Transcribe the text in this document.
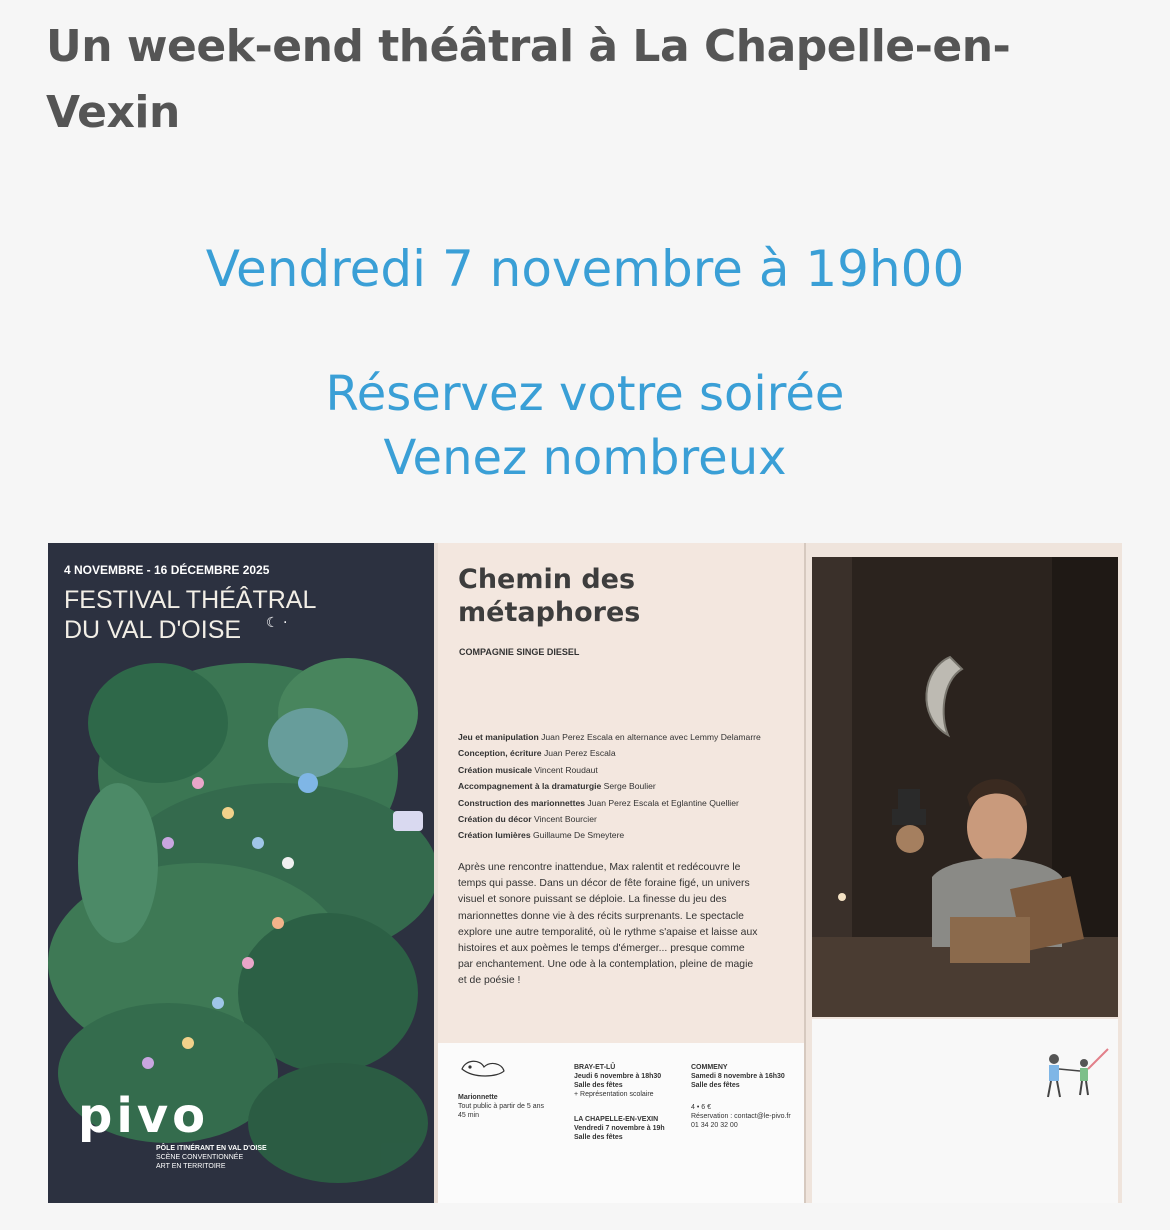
Un week-end théâtral à La Chapelle-en-Vexin
Vendredi 7 novembre à 19h00
Réservez votre soirée
Venez nombreux
4 NOVEMBRE - 16 DÉCEMBRE 2025
FESTIVAL THÉÂTRAL
DU VAL D'OISE	☾ ·
pivo
PÔLE ITINÉRANT EN VAL D'OISE
SCÈNE CONVENTIONNÉE
ART EN TERRITOIRE
Chemin des
métaphores
COMPAGNIE SINGE DIESEL
Jeu et manipulation Juan Perez Escala en alternance avec Lemmy Delamarre
Conception, écriture Juan Perez Escala
Création musicale Vincent Roudaut
Accompagnement à la dramaturgie Serge Boulier
Construction des marionnettes Juan Perez Escala et Eglantine Quellier
Création du décor Vincent Bourcier
Création lumières Guillaume De Smeytere
Après une rencontre inattendue, Max ralentit et redécouvre le temps qui passe. Dans un décor de fête foraine figé, un univers visuel et sonore puissant se déploie. La finesse du jeu des marionnettes donne vie à des récits surprenants. Le spectacle explore une autre temporalité, où le rythme s'apaise et laisse aux histoires et aux poèmes le temps d'émerger... presque comme par enchantement. Une ode à la contemplation, pleine de magie et de poésie !
Marionnette
Tout public à partir de 5 ans
45 min
BRAY-ET-LÛ
Jeudi 6 novembre à 18h30
Salle des fêtes
+ Représentation scolaire
LA CHAPELLE-EN-VEXIN
Vendredi 7 novembre à 19h
Salle des fêtes
COMMENY
Samedi 8 novembre à 16h30
Salle des fêtes
4 • 6 €
Réservation : contact@le-pivo.fr
01 34 20 32 00
